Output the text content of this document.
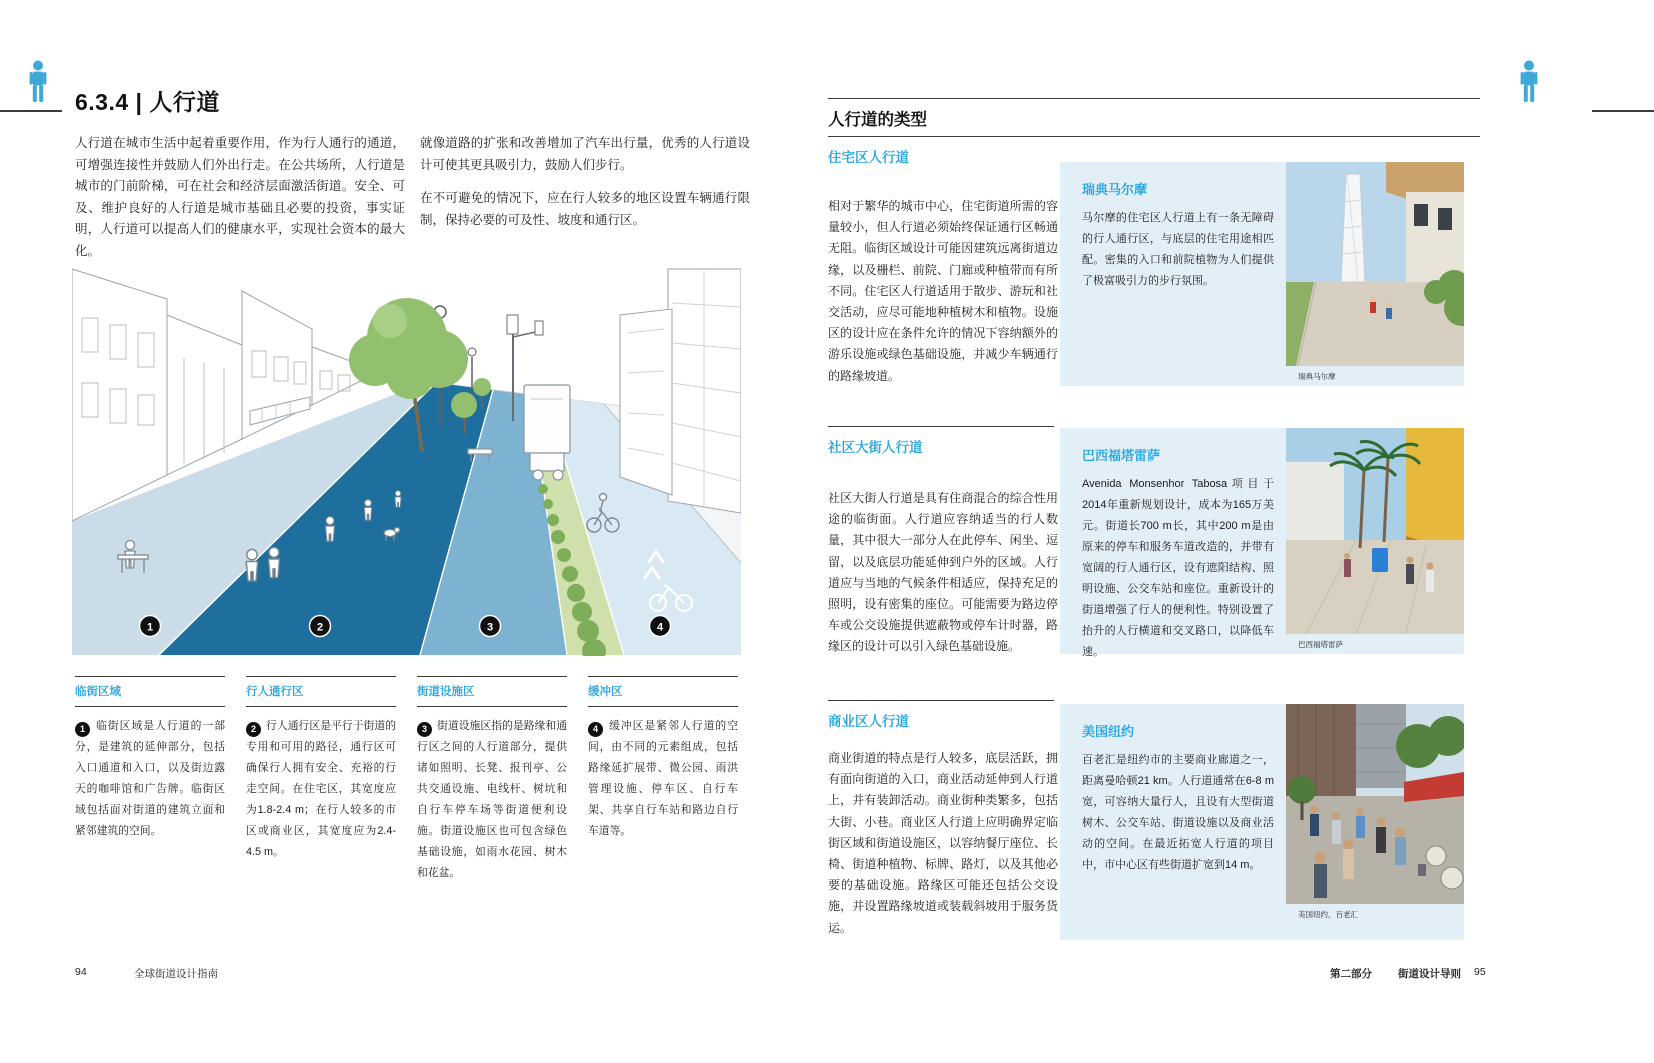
6.3.4 | 人行道

人行道在城市生活中起着重要作用，作为行人通行的通道，可增强连接性并鼓励人们外出行走。在公共场所，人行道是城市的门前阶梯，可在社会和经济层面激活街道。安全、可及、维护良好的人行道是城市基础且必要的投资，事实证明，人行道可以提高人们的健康水平，实现社会资本的最大化。

就像道路的扩张和改善增加了汽车出行量，优秀的人行道设计可使其更具吸引力，鼓励人们步行。

在不可避免的情况下，应在行人较多的地区设置车辆通行限制，保持必要的可及性、坡度和通行区。

1	2	3	4
临街区域
1 临街区域是人行道的一部分，是建筑的延伸部分，包括入口通道和入口，以及街边露天的咖啡馆和广告牌。临街区域包括面对街道的建筑立面和紧邻建筑的空间。
行人通行区
2 行人通行区是平行于街道的专用和可用的路径，通行区可确保行人拥有安全、充裕的行走空间。在住宅区，其宽度应为1.8-2.4 m；在行人较多的市区或商业区，其宽度应为2.4-4.5 m。
街道设施区
3 街道设施区指的是路缘和通行区之间的人行道部分，提供诸如照明、长凳、报刊亭、公共交通设施、电线杆、树坑和自行车停车场等街道便利设施。街道设施区也可包含绿色基础设施，如雨水花园、树木和花盆。
缓冲区
4 缓冲区是紧邻人行道的空间，由不同的元素组成，包括路缘延扩展带、微公园、雨洪管理设施、停车区、自行车架、共享自行车站和路边自行车道等。
94	全球街道设计指南
人行道的类型
住宅区人行道
相对于繁华的城市中心，住宅街道所需的容量较小，但人行道必须始终保证通行区畅通无阻。临街区域设计可能因建筑远离街道边缘，以及栅栏、前院、门廊或种植带而有所不同。住宅区人行道适用于散步、游玩和社交活动，应尽可能地种植树木和植物。设施区的设计应在条件允许的情况下容纳额外的游乐设施或绿色基础设施，并减少车辆通行的路缘坡道。
瑞典马尔摩
马尔摩的住宅区人行道上有一条无障碍的行人通行区，与底层的住宅用途相匹配。密集的入口和前院植物为人们提供了极富吸引力的步行氛围。
瑞典马尔摩
社区大街人行道
社区大街人行道是具有住商混合的综合性用途的临街面。人行道应容纳适当的行人数量，其中很大一部分人在此停车、闲坐、逗留，以及底层功能延伸到户外的区域。人行道应与当地的气候条件相适应，保持充足的照明，设有密集的座位。可能需要为路边停车或公交设施提供遮蔽物或停车计时器，路缘区的设计可以引入绿色基础设施。
巴西福塔雷萨
Avenida Monsenhor Tabosa项目于2014年重新规划设计，成本为165万美元。街道长700 m长，其中200 m是由原来的停车和服务车道改造的，并带有宽阔的行人通行区，设有遮阳结构、照明设施、公交车站和座位。重新设计的街道增强了行人的便利性。特别设置了抬升的人行横道和交叉路口，以降低车速。
巴西福塔雷萨
商业区人行道
商业街道的特点是行人较多，底层活跃，拥有面向街道的入口，商业活动延伸到人行道上，并有装卸活动。商业街种类繁多，包括大街、小巷。商业区人行道上应明确界定临街区域和街道设施区，以容纳餐厅座位、长椅、街道种植物、标牌、路灯，以及其他必要的基础设施。路缘区可能还包括公交设施，并设置路缘坡道或装载斜坡用于服务货运。
美国纽约
百老汇是纽约市的主要商业廊道之一，距离曼哈顿21 km。人行道通常在6-8 m宽，可容纳大量行人，且设有大型街道树木、公交车站、街道设施以及商业活动的空间。在最近拓宽人行道的项目中，市中心区有些街道扩宽到14 m。
美国纽约，百老汇
第二部分 街道设计导则 95
